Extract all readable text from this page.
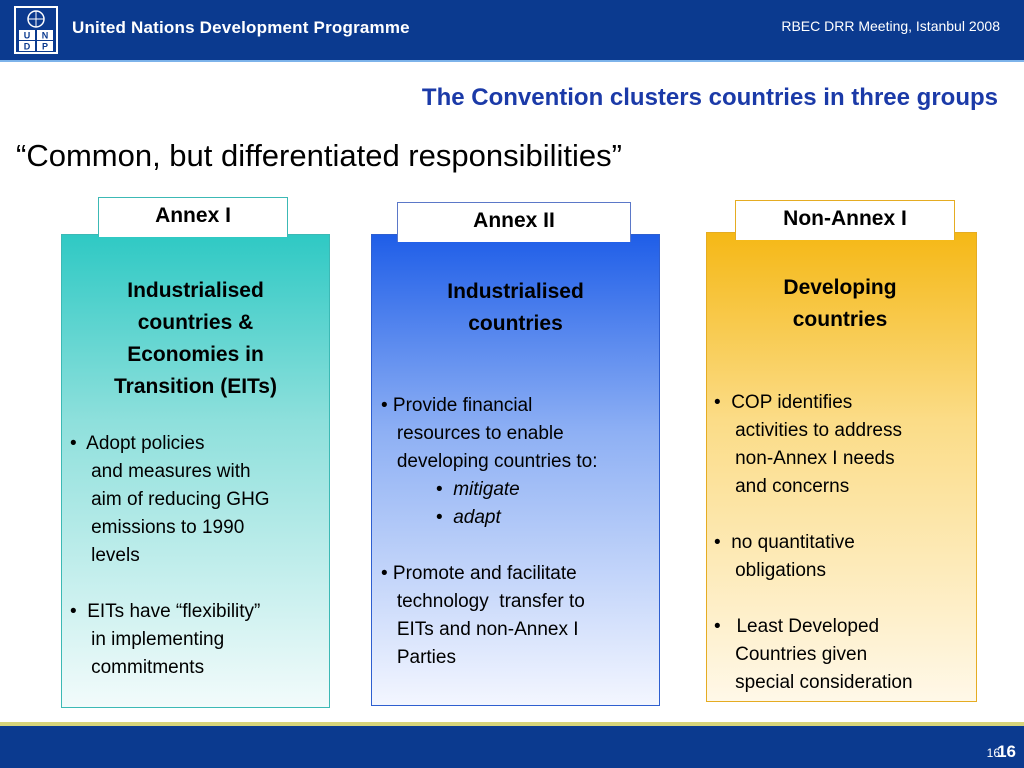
U N
D P
United Nations Development Programme	RBEC DRR Meeting, Istanbul 2008
The Convention clusters countries in three groups
“Common, but differentiated responsibilities”
Annex I
Industrialised
countries &
Economies in
Transition (EITs)

•  Adopt policies

and measures with

aim of reducing GHG

emissions to 1990

levels

•  EITs have “flexibility”

in implementing

commitments

Annex II
Industrialised
countries

• Provide financial

resources to enable

developing countries to:

•  mitigate

•  adapt

• Promote and facilitate

technology  transfer to

EITs and non-Annex I

Parties

Non-Annex I
Developing
countries

•  COP identifies

activities to address

non-Annex I needs

and concerns

•  no quantitative

obligations

•   Least Developed

Countries given

special consideration

16
16
